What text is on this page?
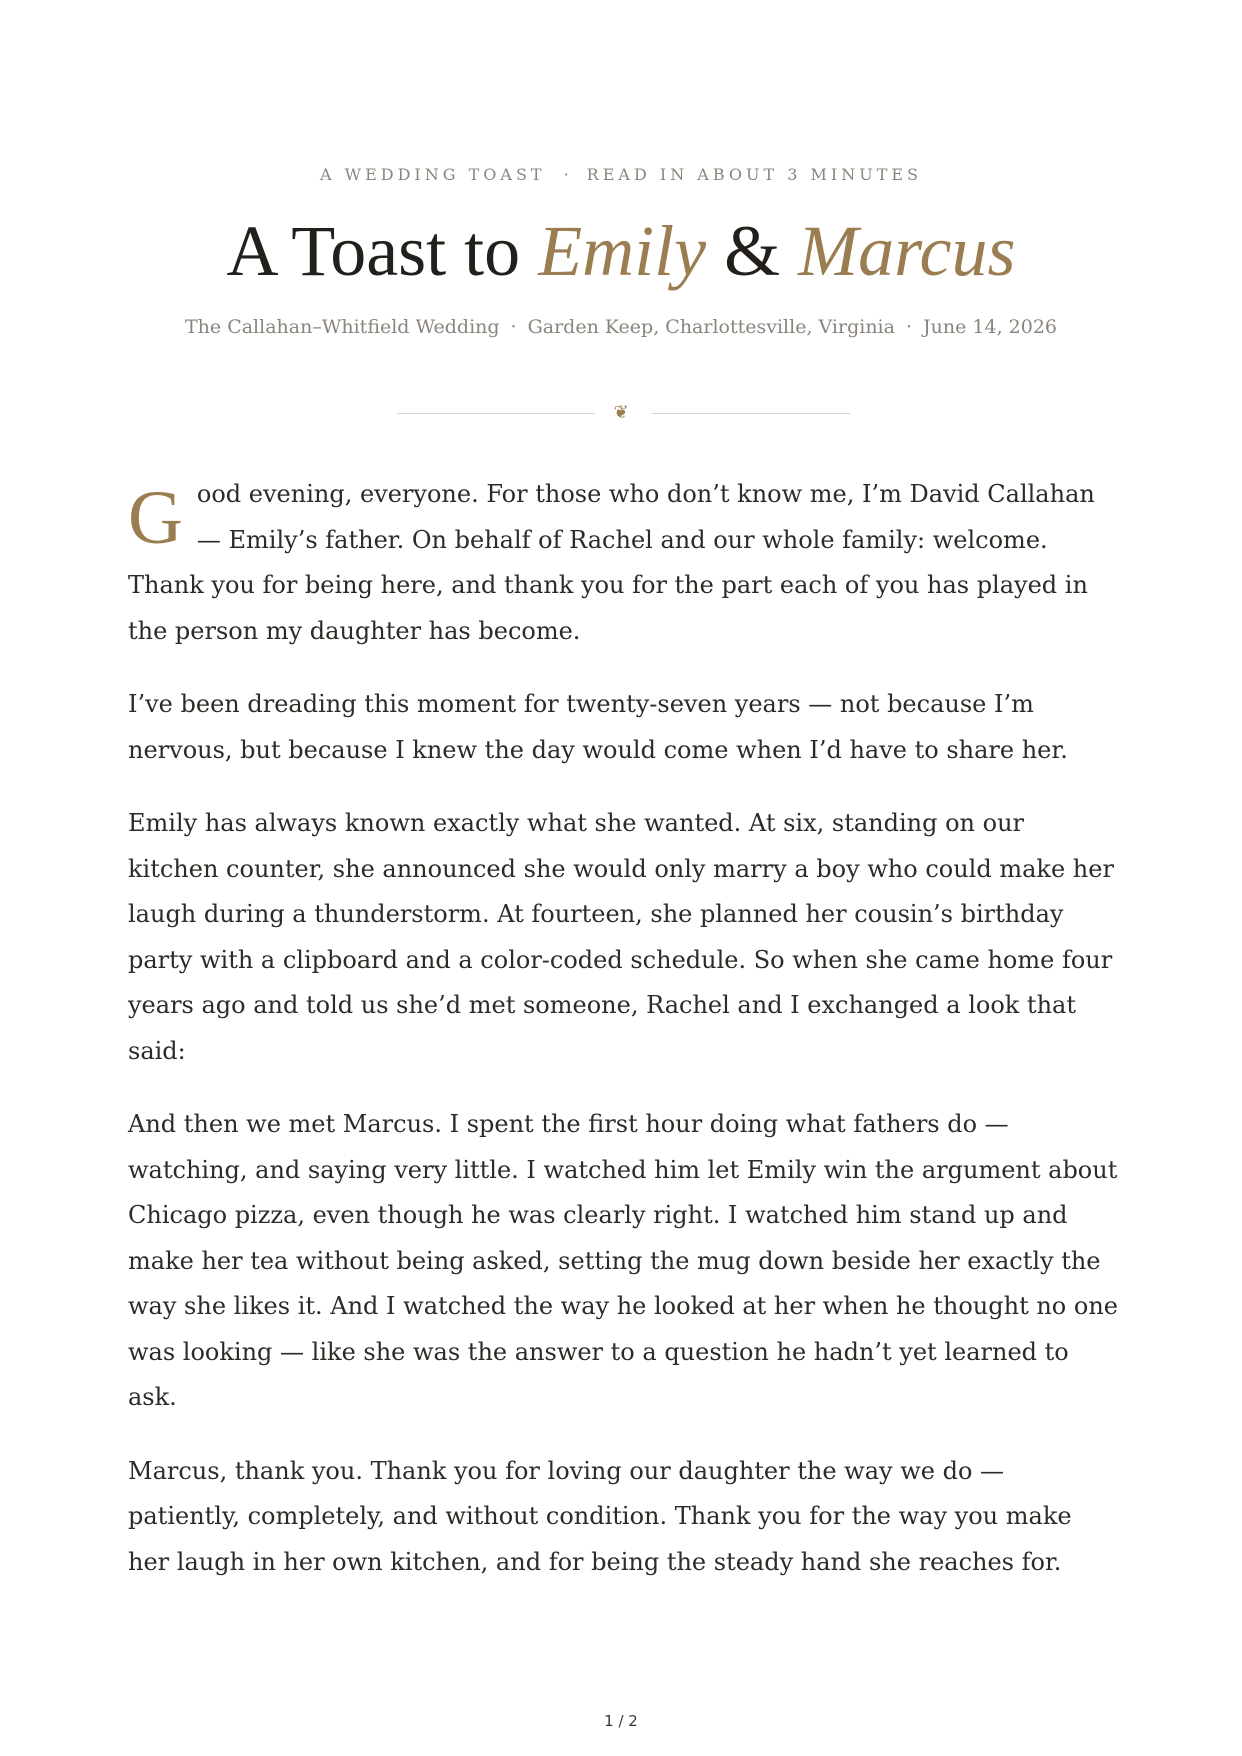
A WEDDING TOAST · READ IN ABOUT 3 MINUTES
A Toast to Emily & Marcus
The Callahan–Whitfield Wedding · Garden Keep, Charlottesville, Virginia · June 14, 2026
❦

Good evening, everyone. For those who don’t know me, I’m David Callahan — Emily’s father. On behalf of Rachel and our whole family: welcome. Thank you for being here, and thank you for the part each of you has played in the person my daughter has become.

I’ve been dreading this moment for twenty-seven years — not because I’m nervous, but because I knew the day would come when I’d have to share her.

Emily has always known exactly what she wanted. At six, standing on our kitchen counter, she announced she would only marry a boy who could make her laugh during a thunderstorm. At fourteen, she planned her cousin’s birthday party with a clipboard and a color-coded schedule. So when she came home four years ago and told us she’d met someone, Rachel and I exchanged a look that said:

And then we met Marcus. I spent the first hour doing what fathers do — watching, and saying very little. I watched him let Emily win the argument about Chicago pizza, even though he was clearly right. I watched him stand up and make her tea without being asked, setting the mug down beside her exactly the way she likes it. And I watched the way he looked at her when he thought no one was looking — like she was the answer to a question he hadn’t yet learned to ask.

Marcus, thank you. Thank you for loving our daughter the way we do — patiently, completely, and without condition. Thank you for the way you make her laugh in her own kitchen, and for being the steady hand she reaches for.

1 / 2
